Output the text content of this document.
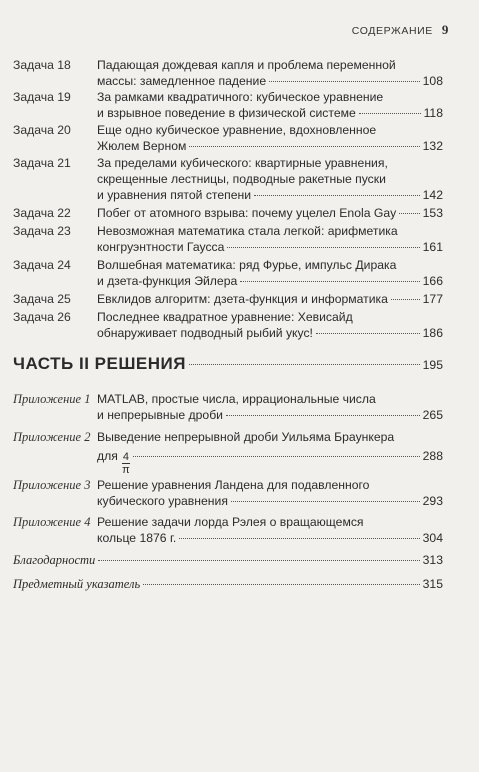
СОДЕРЖАНИЕ 9
Задача 18	Падающая дождевая капля и проблема переменной
массы: замедленное падение	108
Задача 19	За рамками квадратичного: кубическое уравнение
и взрывное поведение в физической системе	118
Задача 20	Еще одно кубическое уравнение, вдохновленное
Жюлем Верном	132
Задача 21	За пределами кубического: квартирные уравнения,
скрещенные лестницы, подводные ракетные пуски
и уравнения пятой степени	142
Задача 22	Побег от атомного взрыва: почему уцелел Enola Gay 153
Задача 23	Невозможная математика стала легкой: арифметика
конгруэнтности Гаусса	161
Задача 24	Волшебная математика: ряд Фурье, импульс Дирака
и дзета-функция Эйлера	166
Задача 25	Евклидов алгоритм: дзета-функция и информатика	177
Задача 26	Последнее квадратное уравнение: Хевисайд
обнаруживает подводный рыбий укус!	186
ЧАСТЬ II РЕШЕНИЯ	195
Приложение 1 MATLAB, простые числа, иррациональные числа
и непрерывные дроби	265
Приложение 2 Выведение непрерывной дроби Уильяма Браункера
для $\frac{4}{\pi}$	288
Приложение 3 Решение уравнения Ландена для подавленного
кубического уравнения	293
Приложение 4 Решение задачи лорда Рэлея о вращающемся
кольце 1876 г.	304
Благодарности	313
Предметный указатель	315
